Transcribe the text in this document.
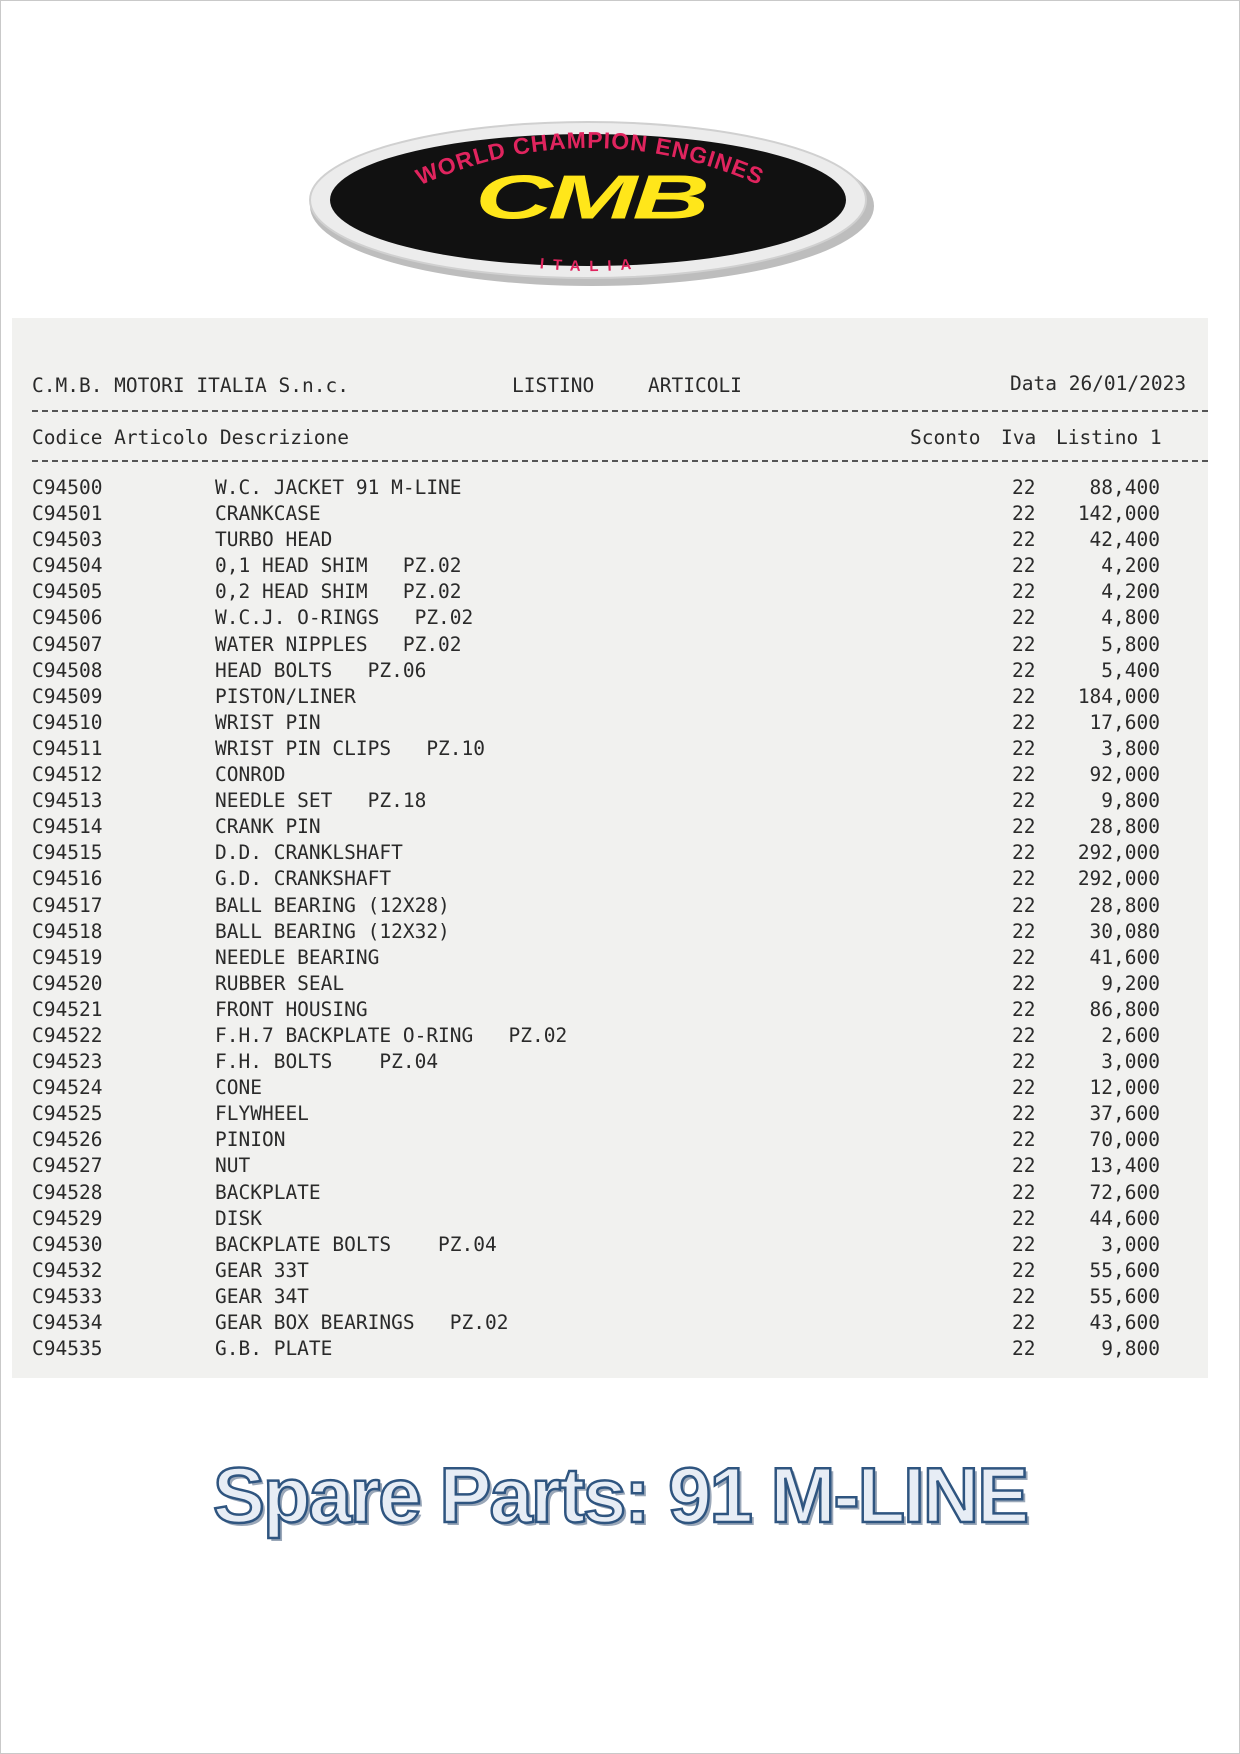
WORLD CHAMPION ENGINES
CMB
ITALIA
C.M.B. MOTORI ITALIA S.n.c.	LISTINO	ARTICOLI	Data 26/01/2023
Codice Articolo Descrizione	Sconto Iva Listino 1
C94500	W.C. JACKET 91 M-LINE	22	88,400
C94501	CRANKCASE	22	142,000
C94503	TURBO HEAD	22	42,400
C94504	0,1 HEAD SHIM   PZ.02	22	4,200
C94505	0,2 HEAD SHIM   PZ.02	22	4,200
C94506	W.C.J. O-RINGS   PZ.02	22	4,800
C94507	WATER NIPPLES   PZ.02	22	5,800
C94508	HEAD BOLTS   PZ.06	22	5,400
C94509	PISTON/LINER	22	184,000
C94510	WRIST PIN	22	17,600
C94511	WRIST PIN CLIPS   PZ.10	22	3,800
C94512	CONROD	22	92,000
C94513	NEEDLE SET   PZ.18	22	9,800
C94514	CRANK PIN	22	28,800
C94515	D.D. CRANKLSHAFT	22	292,000
C94516	G.D. CRANKSHAFT	22	292,000
C94517	BALL BEARING (12X28)	22	28,800
C94518	BALL BEARING (12X32)	22	30,080
C94519	NEEDLE BEARING	22	41,600
C94520	RUBBER SEAL	22	9,200
C94521	FRONT HOUSING	22	86,800
C94522	F.H.7 BACKPLATE O-RING   PZ.02	22	2,600
C94523	F.H. BOLTS    PZ.04	22	3,000
C94524	CONE	22	12,000
C94525	FLYWHEEL	22	37,600
C94526	PINION	22	70,000
C94527	NUT	22	13,400
C94528	BACKPLATE	22	72,600
C94529	DISK	22	44,600
C94530	BACKPLATE BOLTS    PZ.04	22	3,000
C94532	GEAR 33T	22	55,600
C94533	GEAR 34T	22	55,600
C94534	GEAR BOX BEARINGS   PZ.02	22	43,600
C94535	G.B. PLATE	22	9,800
Spare Parts: 91 M-LINE
